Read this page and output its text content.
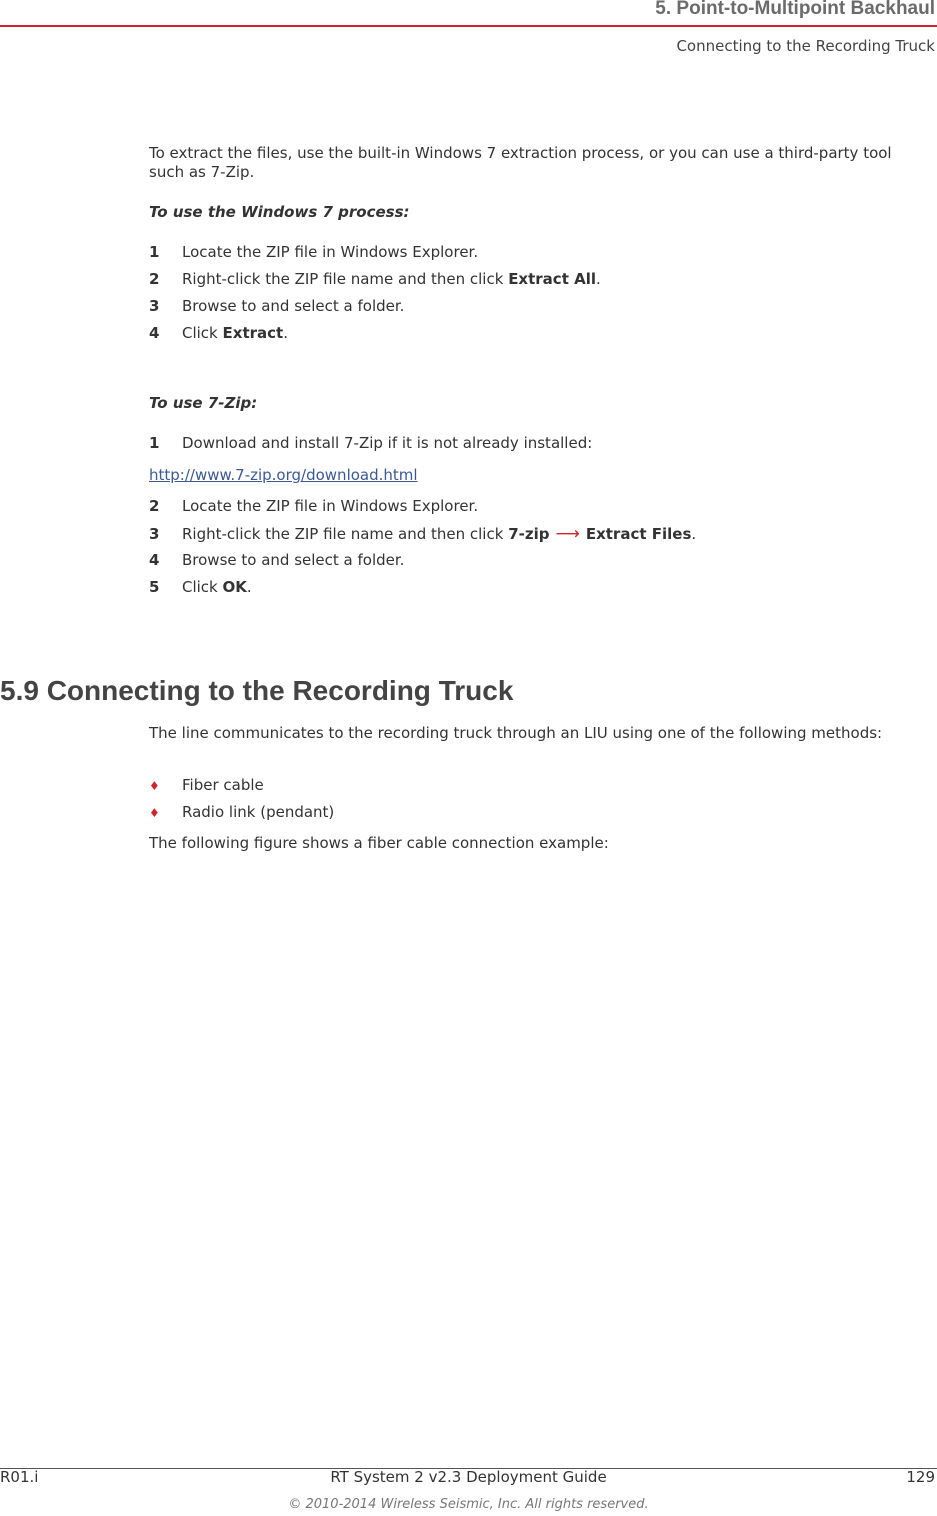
5. Point-to-Multipoint Backhaul
Connecting to the Recording Truck
To extract the files, use the built-in Windows 7 extraction process, or you can use a third-party tool such as 7-Zip.
To use the Windows 7 process:
1 Locate the ZIP file in Windows Explorer.
2 Right-click the ZIP file name and then click Extract All.
3 Browse to and select a folder.
4 Click Extract.
To use 7-Zip:
1 Download and install 7-Zip if it is not already installed:
http://www.7-zip.org/download.html
2 Locate the ZIP file in Windows Explorer.
3 Right-click the ZIP file name and then click 7-zip ⟶ Extract Files.
4 Browse to and select a folder.
5 Click OK.
The line communicates to the recording truck through an LIU using one of the following methods:
♦ Fiber cable
♦ Radio link (pendant)
The following figure shows a fiber cable connection example:
5.9 Connecting to the Recording Truck
R01.i	RT System 2 v2.3 Deployment Guide	129
© 2010-2014 Wireless Seismic, Inc. All rights reserved.
